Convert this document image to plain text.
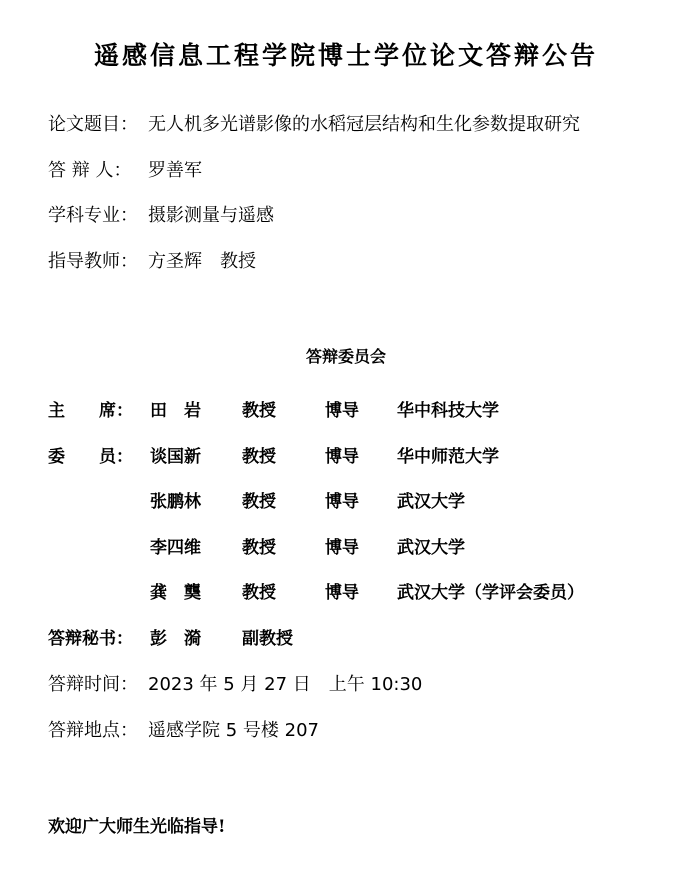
遥感信息工程学院博士学位论文答辩公告
论文题目： 无人机多光谱影像的水稻冠层结构和生化参数提取研究
答 辩 人： 罗善军
学科专业： 摄影测量与遥感
指导教师： 方圣辉　教授
答辩委员会
主　　席： 田　岩 教授	博导 华中科技大学
委　　员： 谈国新 教授	博导 华中师范大学
张鹏林 教授	博导 武汉大学
李四维 教授	博导 武汉大学
龚　龑 教授	博导 武汉大学（学评会委员）
答辩秘书： 彭　漪 副教授
答辩时间： 2023 年 5 月 27 日　上午 10:30
答辩地点： 遥感学院 5 号楼 207
欢迎广大师生光临指导!
